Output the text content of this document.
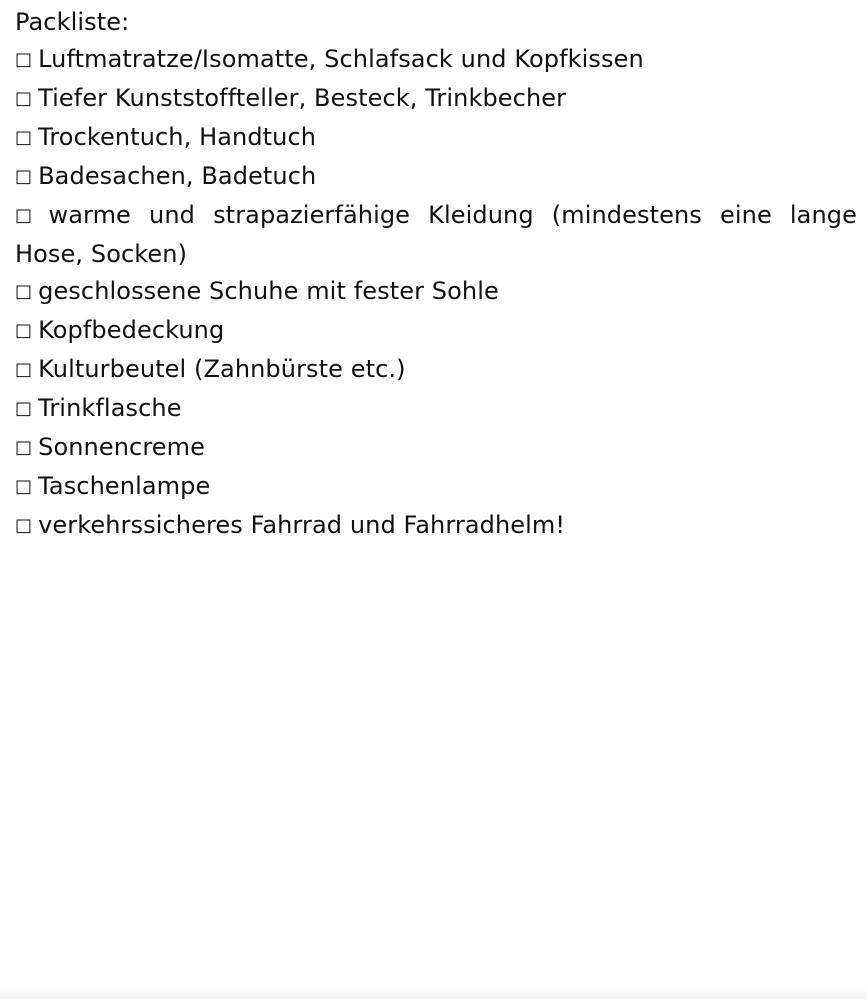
Packliste:
□ Luftmatratze/Isomatte, Schlafsack und Kopfkissen
□ Tiefer Kunststoffteller, Besteck, Trinkbecher
□ Trockentuch, Handtuch
□ Badesachen, Badetuch
□ warme und strapazierfähige Kleidung (mindestens eine lange Hose, Socken)
□ geschlossene Schuhe mit fester Sohle
□ Kopfbedeckung
□ Kulturbeutel (Zahnbürste etc.)
□ Trinkflasche
□ Sonnencreme
□ Taschenlampe
□ verkehrssicheres Fahrrad und Fahrradhelm!
